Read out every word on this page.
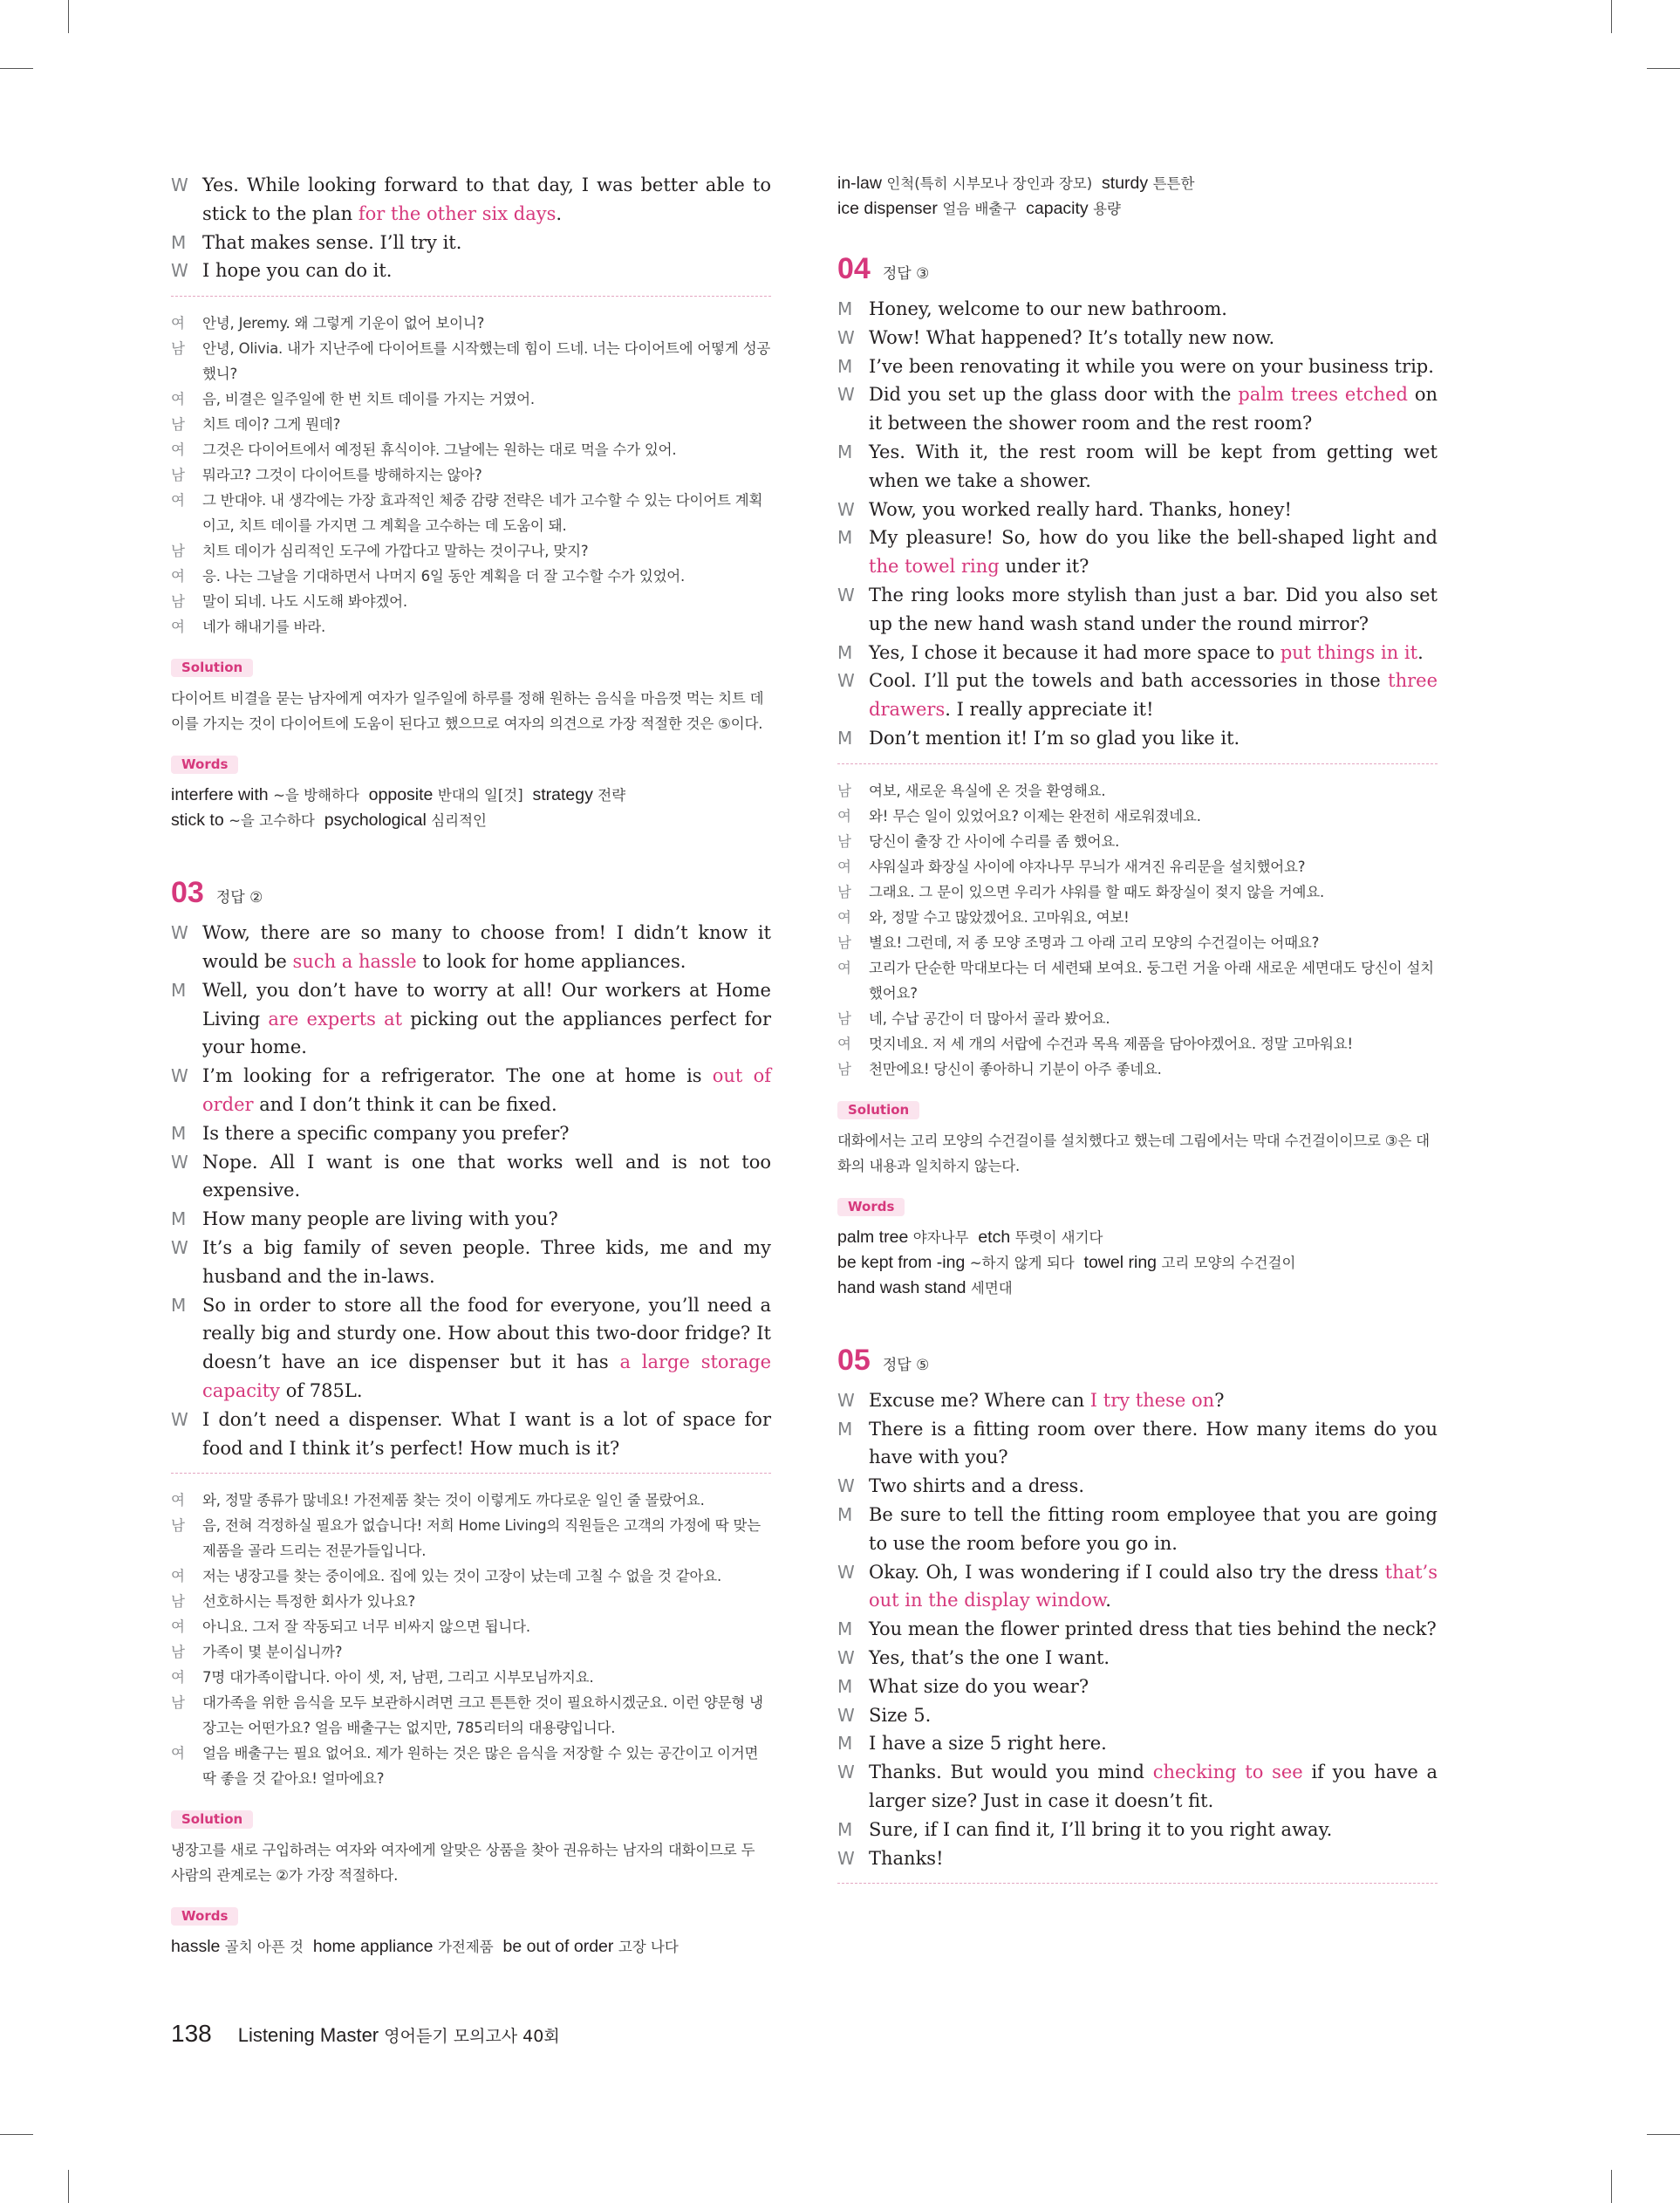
W Yes. While looking forward to that day, I was better able to stick to the plan for the other six days.
M That makes sense. I’ll try it.
W I hope you can do it.
여 안녕, Jeremy. 왜 그렇게 기운이 없어 보이니?
남 안녕, Olivia. 내가 지난주에 다이어트를 시작했는데 힘이 드네. 너는 다이어트에 어떻게 성공했니?
여 음, 비결은 일주일에 한 번 치트 데이를 가지는 거였어.
남 치트 데이? 그게 뭔데?
여 그것은 다이어트에서 예정된 휴식이야. 그날에는 원하는 대로 먹을 수가 있어.
남 뭐라고? 그것이 다이어트를 방해하지는 않아?
여 그 반대야. 내 생각에는 가장 효과적인 체중 감량 전략은 네가 고수할 수 있는 다이어트 계획이고, 치트 데이를 가지면 그 계획을 고수하는 데 도움이 돼.
남 치트 데이가 심리적인 도구에 가깝다고 말하는 것이구나, 맞지?
여 응. 나는 그날을 기대하면서 나머지 6일 동안 계획을 더 잘 고수할 수가 있었어.
남 말이 되네. 나도 시도해 봐야겠어.
여 네가 해내기를 바라.
Solution

다이어트 비결을 묻는 남자에게 여자가 일주일에 하루를 정해 원하는 음식을 마음껏 먹는 치트 데이를 가지는 것이 다이어트에 도움이 된다고 했으므로 여자의 의견으로 가장 적절한 것은 ⑤이다.

Words
interfere with ~을 방해하다 opposite 반대의 일[것] strategy 전략
stick to ~을 고수하다 psychological 심리적인
03 정답 ②
W Wow, there are so many to choose from! I didn’t know it would be such a hassle to look for home appliances.
M Well, you don’t have to worry at all! Our workers at Home Living are experts at picking out the appliances perfect for your home.
W I’m looking for a refrigerator. The one at home is out of order and I don’t think it can be fixed.
M Is there a specific company you prefer?
W Nope. All I want is one that works well and is not too expensive.
M How many people are living with you?
W It’s a big family of seven people. Three kids, me and my husband and the in-laws.
M So in order to store all the food for everyone, you’ll need a really big and sturdy one. How about this two-door fridge? It doesn’t have an ice dispenser but it has a large storage capacity of 785L.
W I don’t need a dispenser. What I want is a lot of space for food and I think it’s perfect! How much is it?
여 와, 정말 종류가 많네요! 가전제품 찾는 것이 이렇게도 까다로운 일인 줄 몰랐어요.
남 음, 전혀 걱정하실 필요가 없습니다! 저희 Home Living의 직원들은 고객의 가정에 딱 맞는 제품을 골라 드리는 전문가들입니다.
여 저는 냉장고를 찾는 중이에요. 집에 있는 것이 고장이 났는데 고칠 수 없을 것 같아요.
남 선호하시는 특정한 회사가 있나요?
여 아니요. 그저 잘 작동되고 너무 비싸지 않으면 됩니다.
남 가족이 몇 분이십니까?
여 7명 대가족이랍니다. 아이 셋, 저, 남편, 그리고 시부모님까지요.
남 대가족을 위한 음식을 모두 보관하시려면 크고 튼튼한 것이 필요하시겠군요. 이런 양문형 냉장고는 어떤가요? 얼음 배출구는 없지만, 785리터의 대용량입니다.
여 얼음 배출구는 필요 없어요. 제가 원하는 것은 많은 음식을 저장할 수 있는 공간이고 이거면 딱 좋을 것 같아요! 얼마에요?
Solution

냉장고를 새로 구입하려는 여자와 여자에게 알맞은 상품을 찾아 권유하는 남자의 대화이므로 두 사람의 관계로는 ②가 가장 적절하다.

Words
hassle 골치 아픈 것 home appliance 가전제품 be out of order 고장 나다
in-law 인척(특히 시부모나 장인과 장모) sturdy 튼튼한
ice dispenser 얼음 배출구 capacity 용량
04 정답 ③
M Honey, welcome to our new bathroom.
W Wow! What happened? It’s totally new now.
M I’ve been renovating it while you were on your business trip.
W Did you set up the glass door with the palm trees etched on it between the shower room and the rest room?
M Yes. With it, the rest room will be kept from getting wet when we take a shower.
W Wow, you worked really hard. Thanks, honey!
M My pleasure! So, how do you like the bell-shaped light and the towel ring under it?
W The ring looks more stylish than just a bar. Did you also set up the new hand wash stand under the round mirror?
M Yes, I chose it because it had more space to put things in it.
W Cool. I’ll put the towels and bath accessories in those three drawers. I really appreciate it!
M Don’t mention it! I’m so glad you like it.
남 여보, 새로운 욕실에 온 것을 환영해요.
여 와! 무슨 일이 있었어요? 이제는 완전히 새로워졌네요.
남 당신이 출장 간 사이에 수리를 좀 했어요.
여 샤워실과 화장실 사이에 야자나무 무늬가 새겨진 유리문을 설치했어요?
남 그래요. 그 문이 있으면 우리가 샤워를 할 때도 화장실이 젖지 않을 거예요.
여 와, 정말 수고 많았겠어요. 고마워요, 여보!
남 별요! 그런데, 저 종 모양 조명과 그 아래 고리 모양의 수건걸이는 어때요?
여 고리가 단순한 막대보다는 더 세련돼 보여요. 둥그런 거울 아래 새로운 세면대도 당신이 설치했어요?
남 네, 수납 공간이 더 많아서 골라 봤어요.
여 멋지네요. 저 세 개의 서랍에 수건과 목욕 제품을 담아야겠어요. 정말 고마워요!
남 천만에요! 당신이 좋아하니 기분이 아주 좋네요.
Solution

대화에서는 고리 모양의 수건걸이를 설치했다고 했는데 그림에서는 막대 수건걸이이므로 ③은 대화의 내용과 일치하지 않는다.

Words
palm tree 야자나무 etch 뚜렷이 새기다
be kept from -ing ~하지 않게 되다 towel ring 고리 모양의 수건걸이
hand wash stand 세면대
05 정답 ⑤
W Excuse me? Where can I try these on?
M There is a fitting room over there. How many items do you have with you?
W Two shirts and a dress.
M Be sure to tell the fitting room employee that you are going to use the room before you go in.
W Okay. Oh, I was wondering if I could also try the dress that’s out in the display window.
M You mean the flower printed dress that ties behind the neck?
W Yes, that’s the one I want.
M What size do you wear?
W Size 5.
M I have a size 5 right here.
W Thanks. But would you mind checking to see if you have a larger size? Just in case it doesn’t fit.
M Sure, if I can find it, I’ll bring it to you right away.
W Thanks!
138 Listening Master 영어듣기 모의고사 40회
